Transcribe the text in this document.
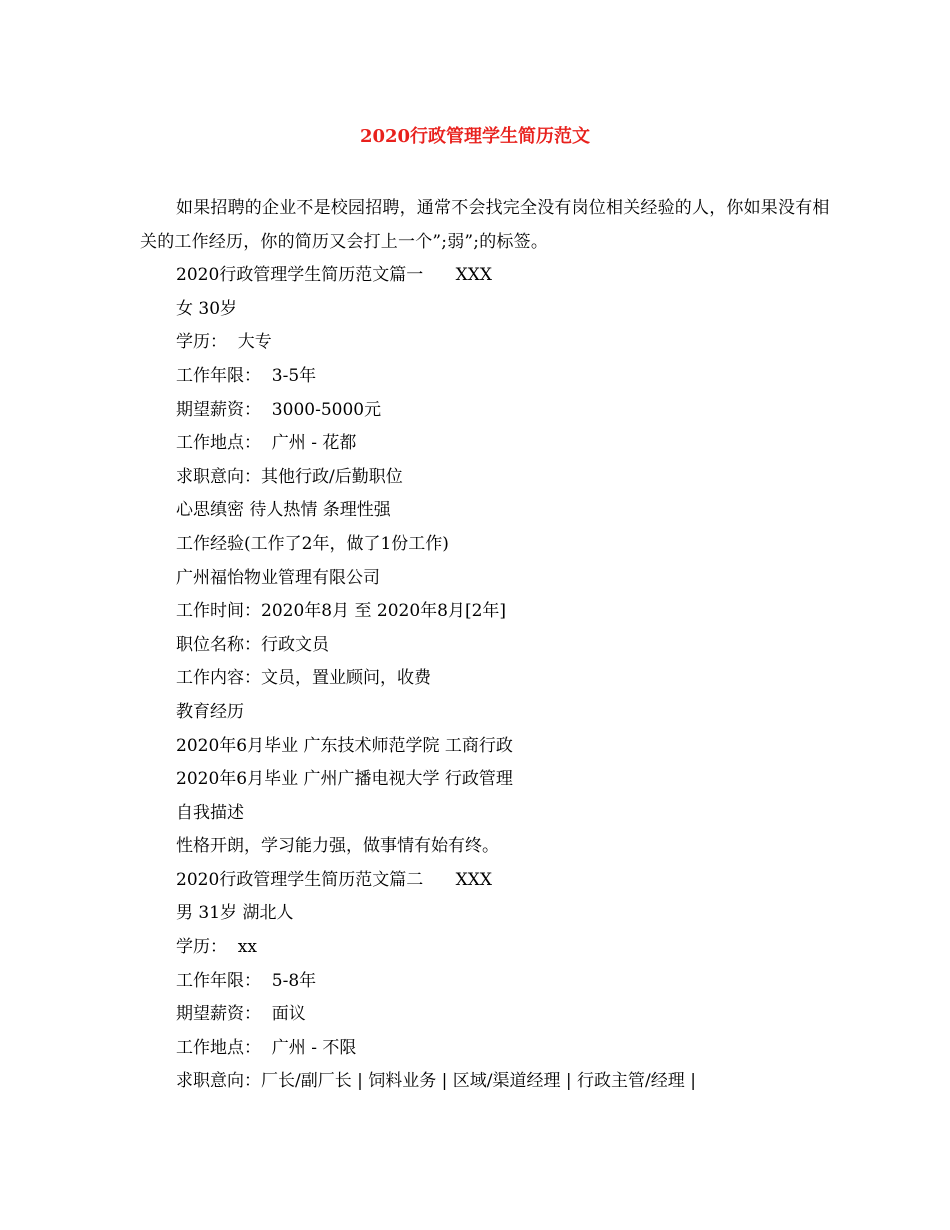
2020行政管理学生简历范文

如果招聘的企业不是校园招聘，通常不会找完全没有岗位相关经验的人，你如果没有相关的工作经历，你的简历又会打上一个”;弱”;的标签。

2020行政管理学生简历范文篇一      XXX
女 30岁
学历：  大专
工作年限：  3-5年
期望薪资：  3000-5000元
工作地点：  广州 - 花都
求职意向：其他行政/后勤职位
心思缜密 待人热情 条理性强
工作经验(工作了2年，做了1份工作)
广州福怡物业管理有限公司
工作时间：2020年8月 至 2020年8月[2年]
职位名称：行政文员
工作内容：文员，置业顾问，收费
教育经历
2020年6月毕业 广东技术师范学院 工商行政
2020年6月毕业 广州广播电视大学 行政管理
自我描述
性格开朗，学习能力强，做事情有始有终。
2020行政管理学生简历范文篇二      XXX
男 31岁 湖北人
学历：  xx
工作年限：  5-8年
期望薪资：  面议
工作地点：  广州 - 不限
求职意向：厂长/副厂长 | 饲料业务 | 区域/渠道经理 | 行政主管/经理 |
